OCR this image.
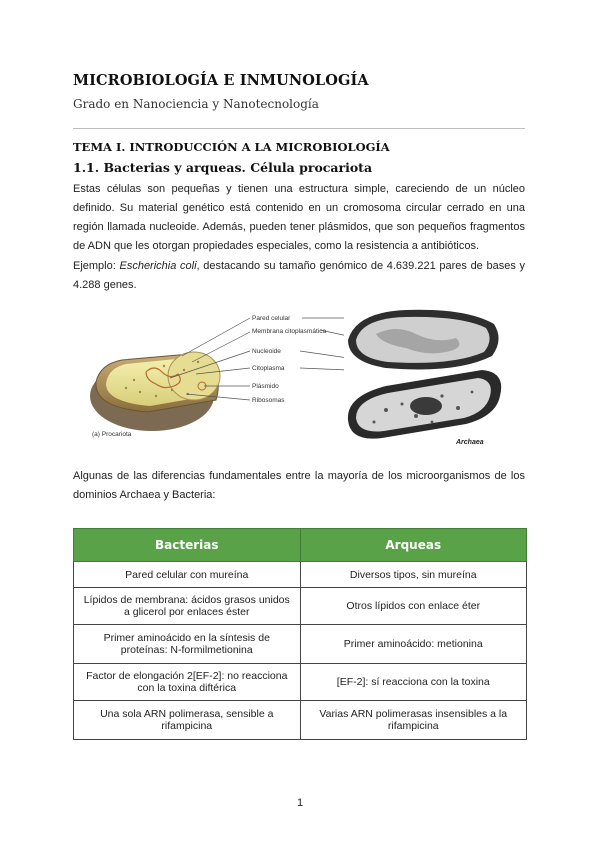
MICROBIOLOGÍA E INMUNOLOGÍA
Grado en Nanociencia y Nanotecnología
TEMA I. INTRODUCCIÓN A LA MICROBIOLOGÍA
1.1. Bacterias y arqueas. Célula procariota

Estas células son pequeñas y tienen una estructura simple, careciendo de un núcleo definido. Su material genético está contenido en un cromosoma circular cerrado en una región llamada nucleoide. Además, pueden tener plásmidos, que son pequeños fragmentos de ADN que les otorgan propiedades especiales, como la resistencia a antibióticos.

Ejemplo: Escherichia coli, destacando su tamaño genómico de 4.639.221 pares de bases y 4.288 genes.

Pared celular
Membrana citoplasmática
Nucleoide
Citoplasma
Plásmido
Ribosomas
(a) Procariota
Archaea

Algunas de las diferencias fundamentales entre la mayoría de los microorganismos de los dominios Archaea y Bacteria:

Bacterias	Arqueas
Pared celular con mureína	Diversos tipos, sin mureína
Lípidos de membrana: ácidos grasos unidos a glicerol por enlaces éster	Otros lípidos con enlace éter
Primer aminoácido en la síntesis de proteínas: N-formilmetionina	Primer aminoácido: metionina
Factor de elongación 2[EF-2]: no reacciona con la toxina diftérica	[EF-2]: sí reacciona con la toxina
Una sola ARN polimerasa, sensible a rifampicina	Varias ARN polimerasas insensibles a la rifampicina
1
